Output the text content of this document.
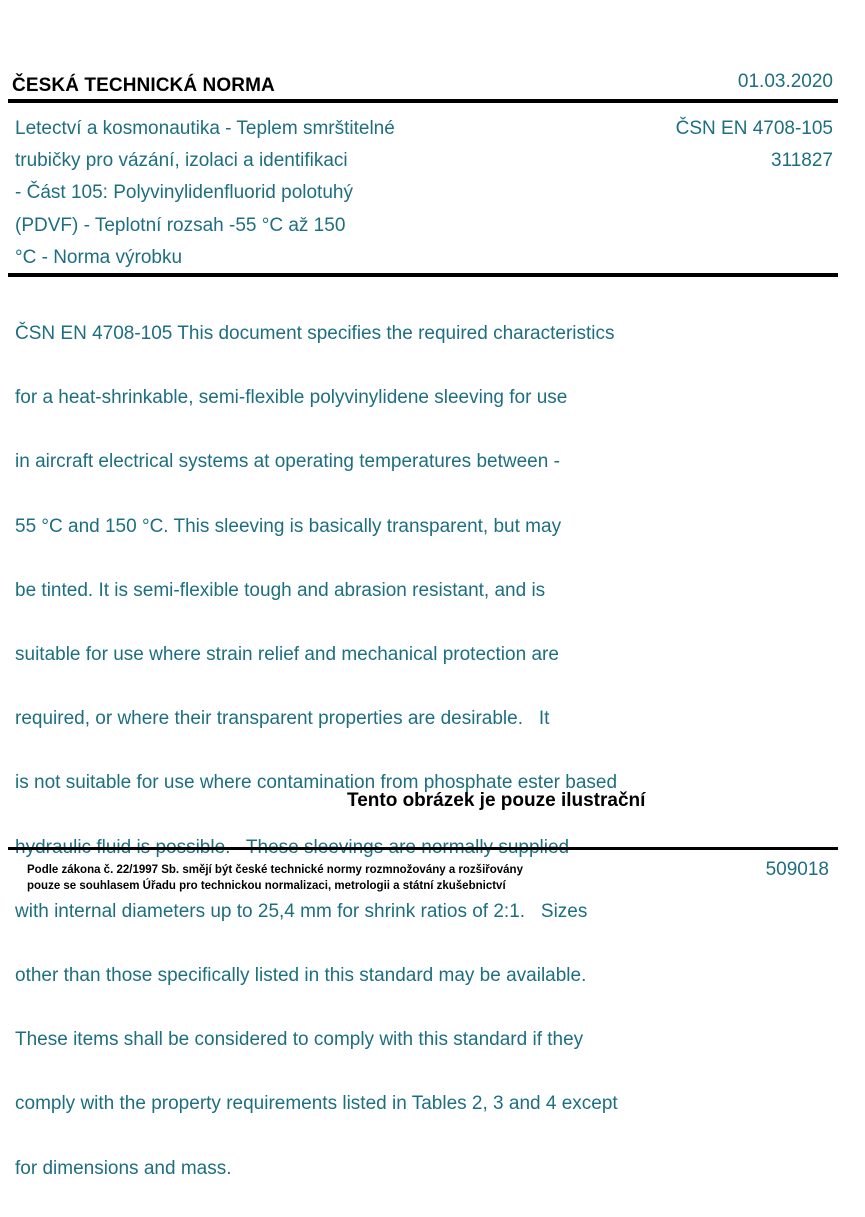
ČESKÁ TECHNICKÁ NORMA	01.03.2020
Letectví a kosmonautika - Teplem smrštitelné
trubičky pro vázání, izolaci a identifikaci
- Část 105: Polyvinylidenfluorid polotuhý
(PDVF) - Teplotní rozsah -55 °C až 150
°C - Norma výrobku
ČSN EN 4708-105
311827

ČSN EN 4708-105 This document specifies the required characteristics

for a heat-shrinkable, semi-flexible polyvinylidene sleeving for use

in aircraft electrical systems at operating temperatures between -

55 °C and 150 °C. This sleeving is basically transparent, but may

be tinted. It is semi-flexible tough and abrasion resistant, and is

suitable for use where strain relief and mechanical protection are

required, or where their transparent properties are desirable.   It

is not suitable for use where contamination from phosphate ester based

with internal diameters up to 25,4 mm for shrink ratios of 2:1.   Sizes

other than those specifically listed in this standard may be available.

These items shall be considered to comply with this standard if they

comply with the property requirements listed in Tables 2, 3 and 4 except

for dimensions and mass.

Tento obrázek je pouze ilustrační
Podle zákona č. 22/1997 Sb. smějí být české technické normy rozmnožovány a rozšiřovány
pouze se souhlasem Úřadu pro technickou normalizaci, metrologii a státní zkušebnictví
509018
